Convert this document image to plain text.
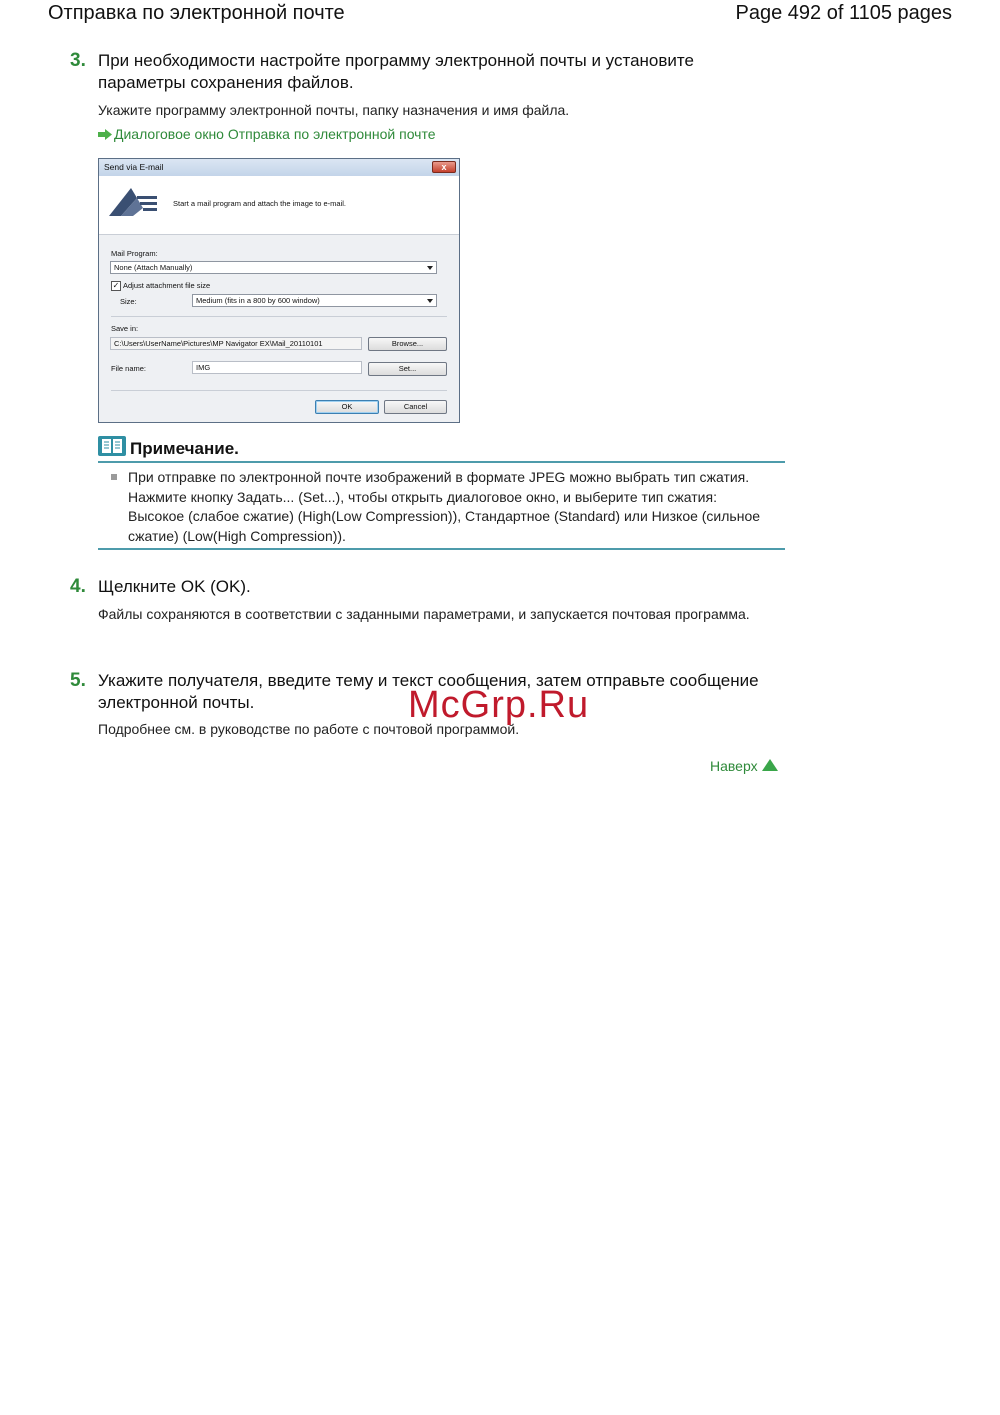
Отправка по электронной почте	Page 492 of 1105 pages
3. При необходимости настройте программу электронной почты и установите параметры сохранения файлов.
Укажите программу электронной почты, папку назначения и имя файла.
Диалоговое окно Отправка по электронной почте
Send via E-mail	x
Start a mail program and attach the image to e-mail.
Mail Program:
None (Attach Manually)
✓ Adjust attachment file size
Size:	Medium (fits in a 800 by 600 window)
Save in:
C:\Users\UserName\Pictures\MP Navigator EX\Mail_20110101	Browse...
File name:	IMG	Set...
OK	Cancel
Примечание.
При отправке по электронной почте изображений в формате JPEG можно выбрать тип сжатия. Нажмите кнопку Задать... (Set...), чтобы открыть диалоговое окно, и выберите тип сжатия: Высокое (слабое сжатие) (High(Low Compression)), Стандартное (Standard) или Низкое (сильное сжатие) (Low(High Compression)).
4. Щелкните OK (OK).
Файлы сохраняются в соответствии с заданными параметрами, и запускается почтовая программа.
5. Укажите получателя, введите тему и текст сообщения, затем отправьте сообщение электронной почты.
Подробнее см. в руководстве по работе с почтовой программой.
McGrp.Ru
Наверх
